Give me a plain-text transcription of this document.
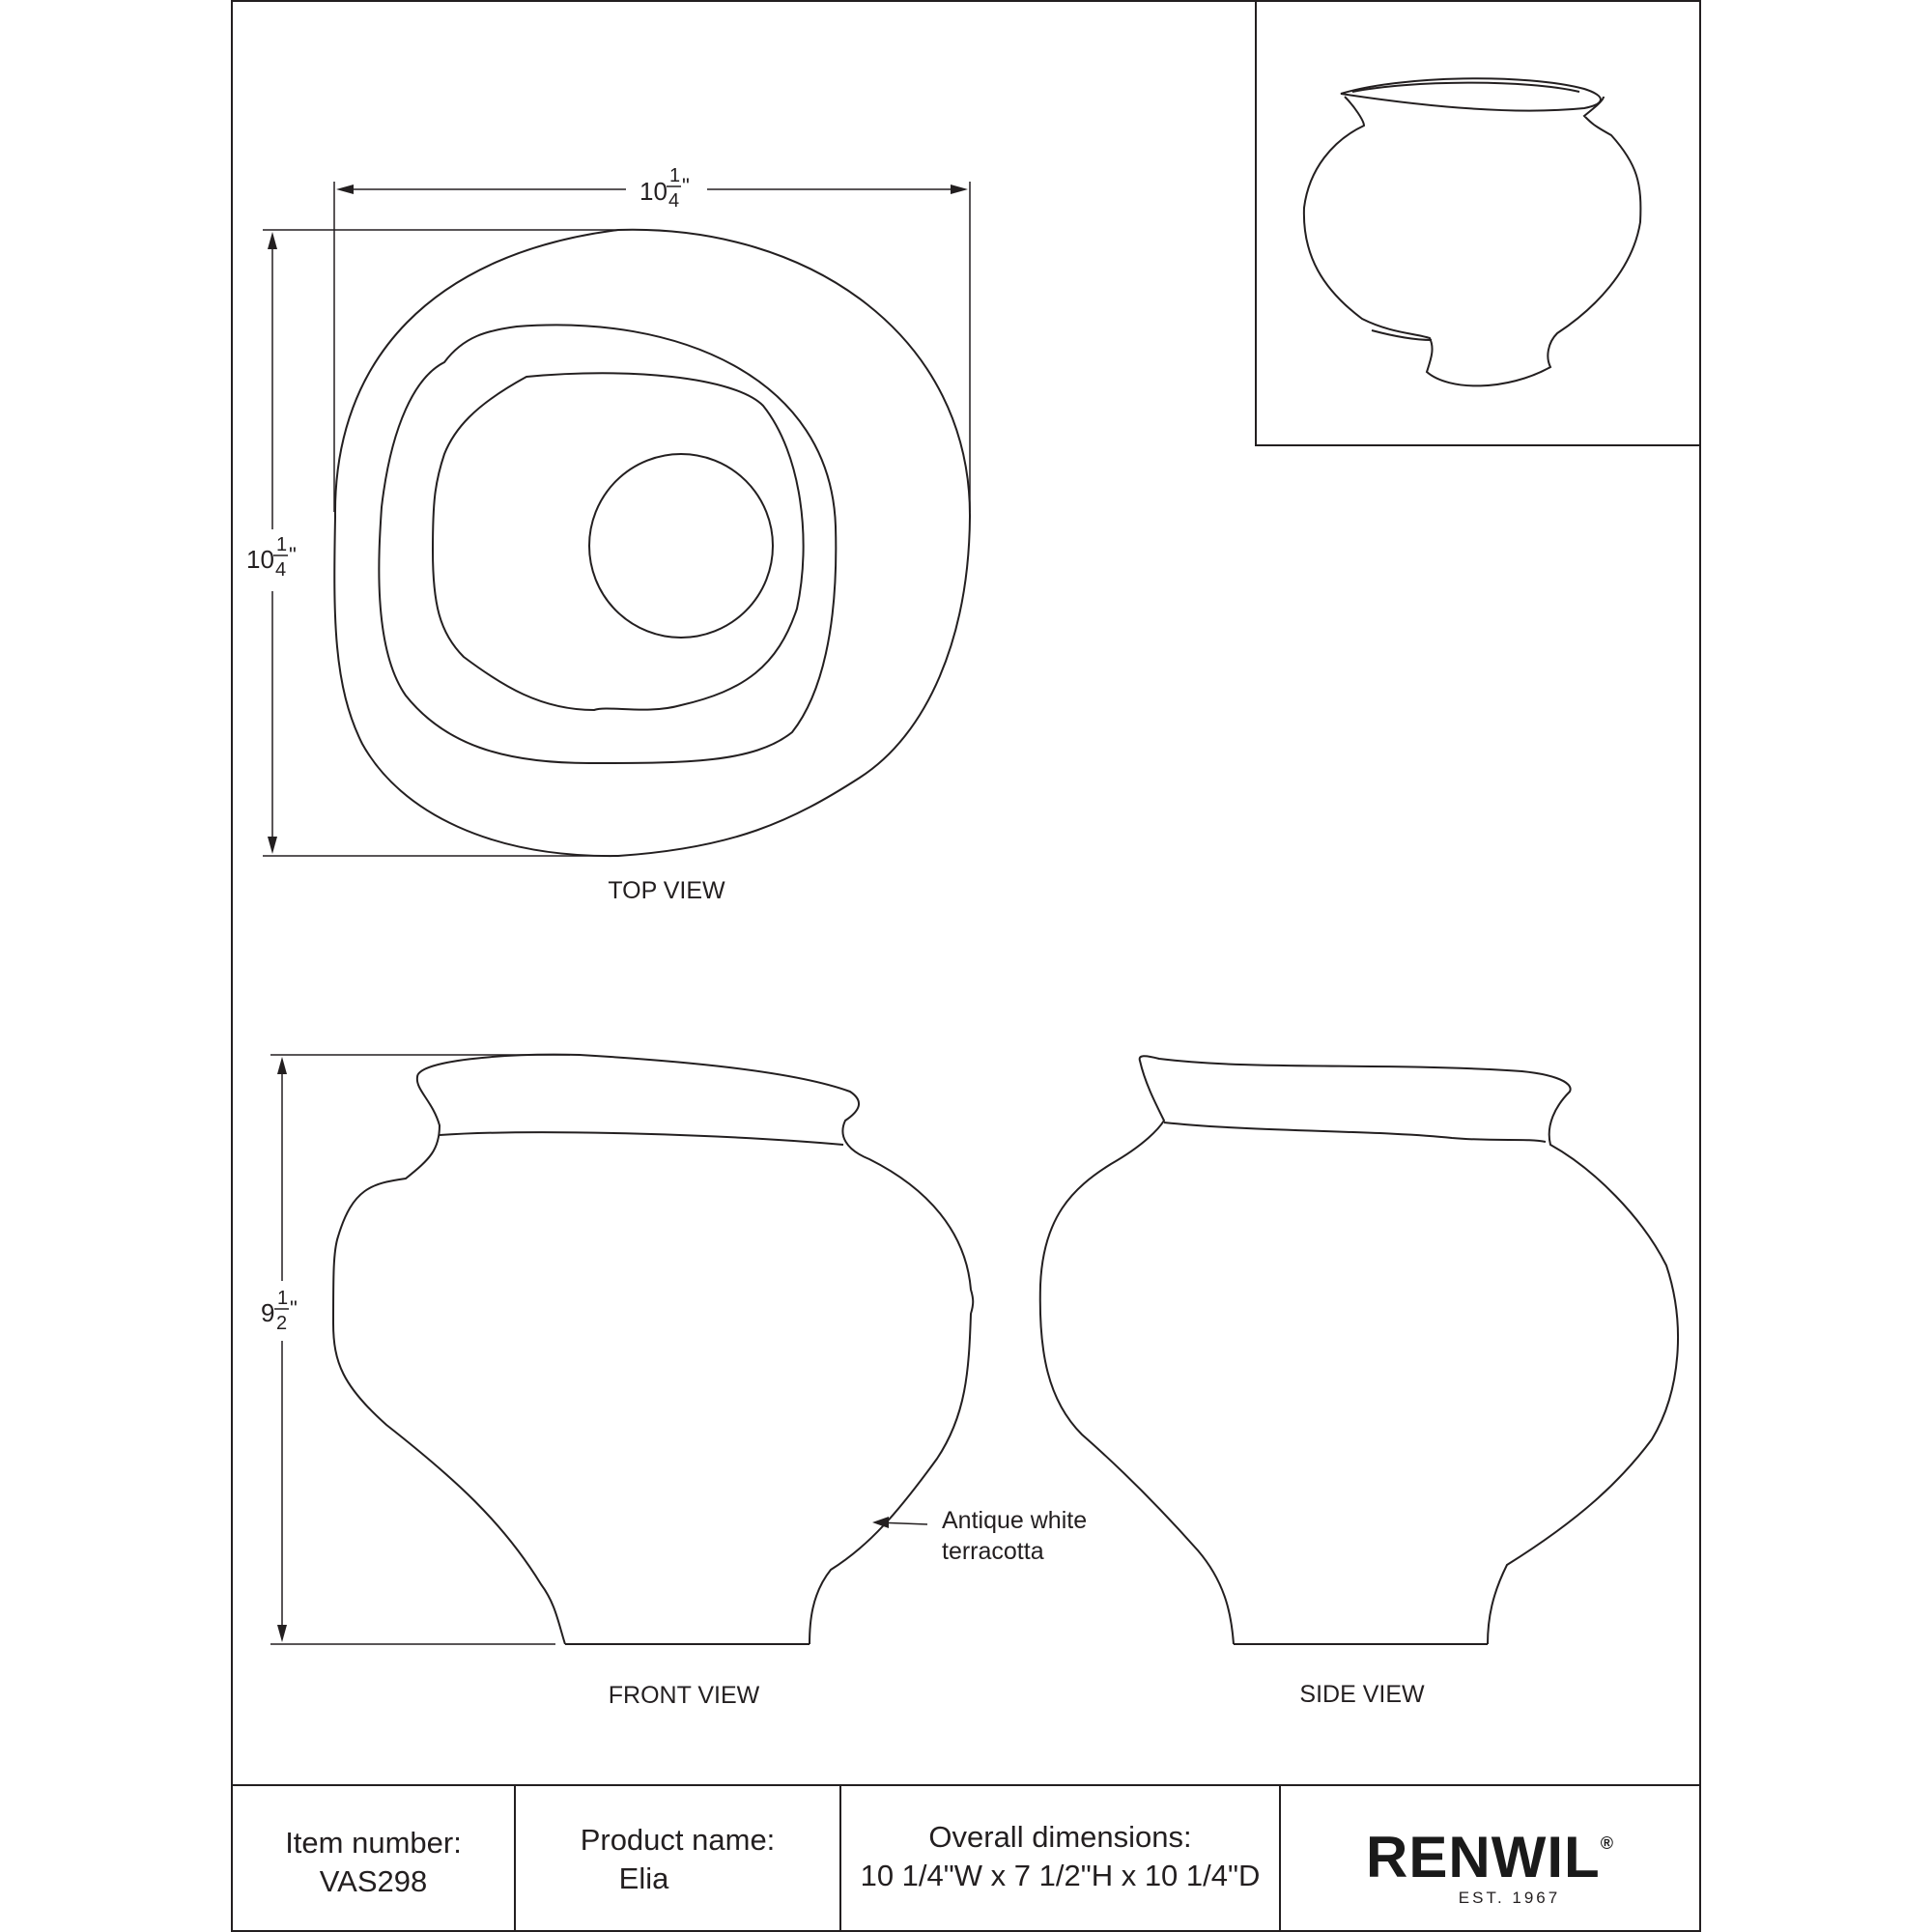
10
1
4
"
10 1
4
"
TOP VIEW
9 1
2
"
Antique white
terracotta
FRONT VIEW	SIDE VIEW
Item number:
VAS298
Product name:
Elia
Overall dimensions:
10 1/4"W x 7 1/2"H x 10 1/4"D	RENWIL®
EST. 1967
